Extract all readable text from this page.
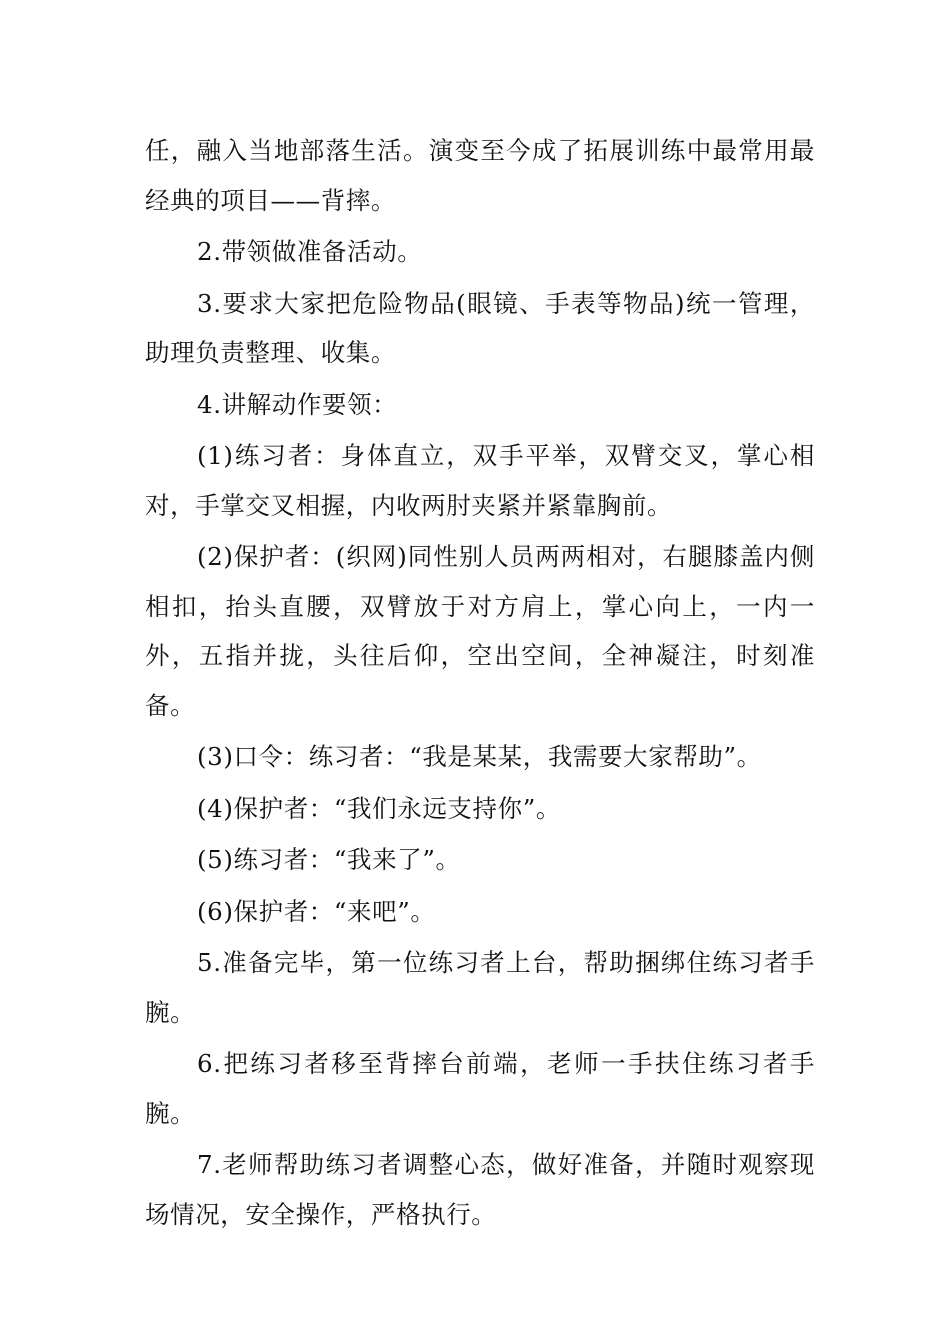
任，融入当地部落生活。演变至今成了拓展训练中最常用最经典的项目——背摔。

2.带领做准备活动。

3.要求大家把危险物品(眼镜、手表等物品)统一管理，助理负责整理、收集。

4.讲解动作要领：

(1)练习者：身体直立，双手平举，双臂交叉，掌心相对，手掌交叉相握，内收两肘夹紧并紧靠胸前。

(2)保护者：(织网)同性别人员两两相对，右腿膝盖内侧相扣，抬头直腰，双臂放于对方肩上，掌心向上，一内一外，五指并拢，头往后仰，空出空间，全神凝注，时刻准备。

(3)口令：练习者：“我是某某，我需要大家帮助”。

(4)保护者：“我们永远支持你”。

(5)练习者：“我来了”。

(6)保护者：“来吧”。

5.准备完毕，第一位练习者上台，帮助捆绑住练习者手腕。

6.把练习者移至背摔台前端，老师一手扶住练习者手腕。

7.老师帮助练习者调整心态，做好准备，并随时观察现场情况，安全操作，严格执行。
